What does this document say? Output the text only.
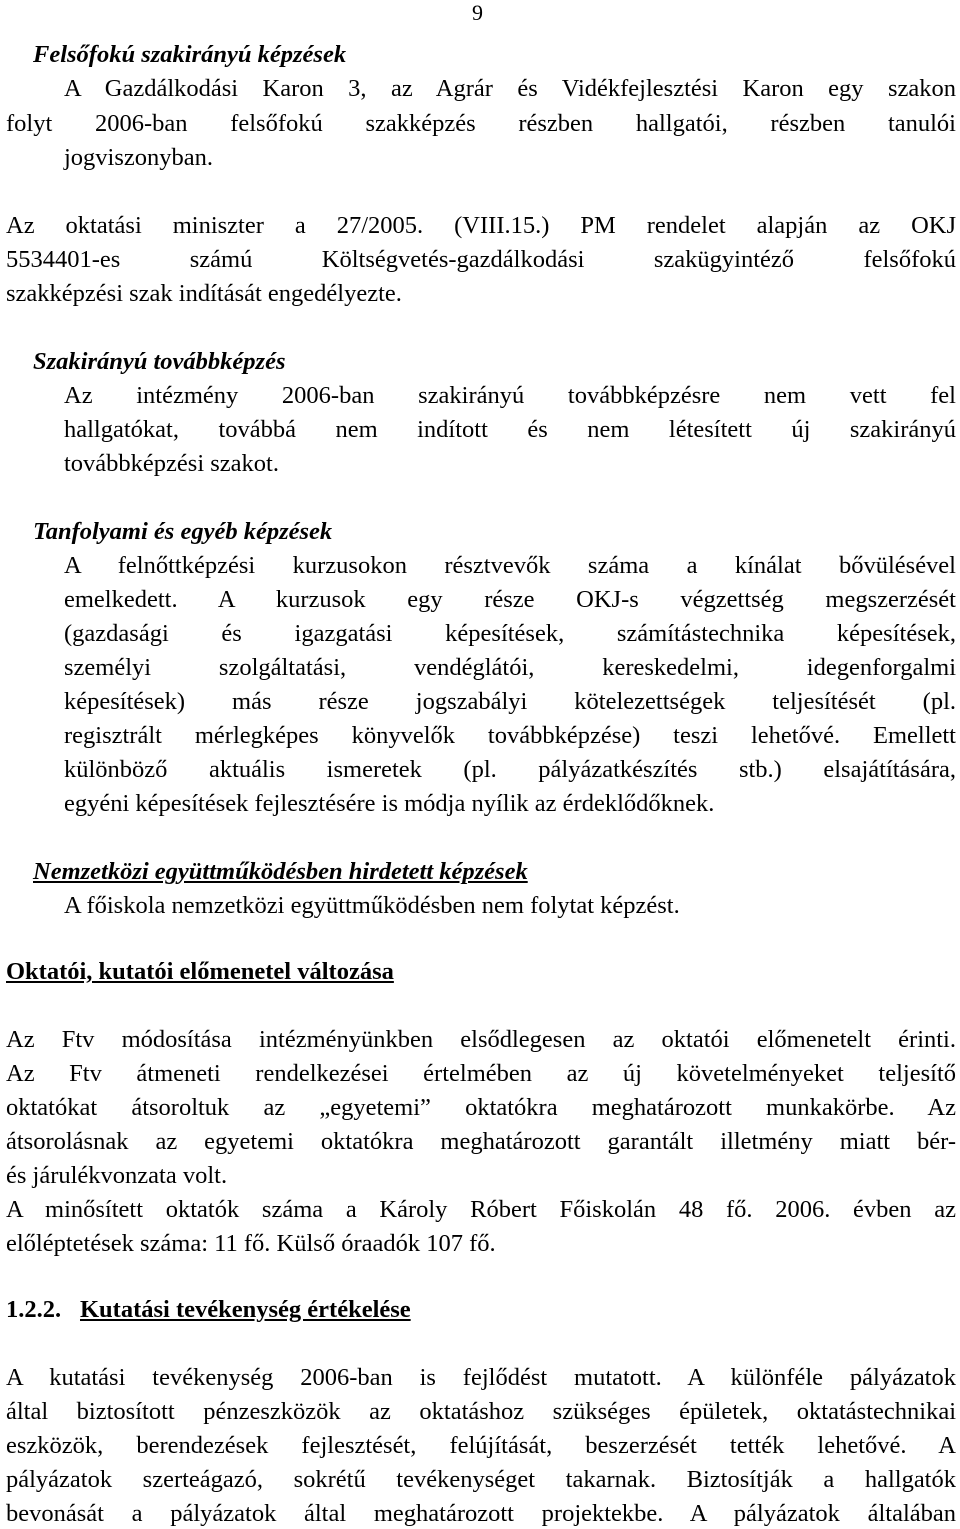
9
Felsőfokú szakirányú képzések
A Gazdálkodási Karon 3, az Agrár és Vidékfejlesztési Karon egy szakon
folyt 2006-ban felsőfokú szakképzés részben hallgatói, részben tanulói
jogviszonyban.
Az oktatási miniszter a 27/2005. (VIII.15.) PM rendelet alapján az OKJ
5534401-es számú Költségvetés-gazdálkodási szakügyintéző felsőfokú
szakképzési szak indítását engedélyezte.
Szakirányú továbbképzés
Az intézmény 2006-ban szakirányú továbbképzésre nem vett fel
hallgatókat, továbbá nem indított és nem létesített új szakirányú
továbbképzési szakot.
Tanfolyami és egyéb képzések
A felnőttképzési kurzusokon résztvevők száma a kínálat bővülésével
emelkedett. A kurzusok egy része OKJ-s végzettség megszerzését
(gazdasági és igazgatási képesítések, számítástechnika képesítések,
személyi szolgáltatási, vendéglátói, kereskedelmi, idegenforgalmi
képesítések) más része jogszabályi kötelezettségek teljesítését (pl.
regisztrált mérlegképes könyvelők továbbképzése) teszi lehetővé. Emellett
különböző aktuális ismeretek (pl. pályázatkészítés stb.) elsajátítására,
egyéni képesítések fejlesztésére is módja nyílik az érdeklődőknek.
Nemzetközi együttműködésben hirdetett képzések
A főiskola nemzetközi együttműködésben nem folytat képzést.
Oktatói, kutatói előmenetel változása
Az Ftv módosítása intézményünkben elsődlegesen az oktatói előmenetelt érinti.
Az Ftv átmeneti rendelkezései értelmében az új követelményeket teljesítő
oktatókat átsoroltuk az „egyetemi” oktatókra meghatározott munkakörbe. Az
átsorolásnak az egyetemi oktatókra meghatározott garantált illetmény miatt bér-
és járulékvonzata volt.
A minősített oktatók száma a Károly Róbert Főiskolán 48 fő. 2006. évben az
előléptetések száma: 11 fő. Külső óraadók 107 fő.
1.2.2. Kutatási tevékenység értékelése
A kutatási tevékenység 2006-ban is fejlődést mutatott. A különféle pályázatok
által biztosított pénzeszközök az oktatáshoz szükséges épületek, oktatástechnikai
eszközök, berendezések fejlesztését, felújítását, beszerzését tették lehetővé. A
pályázatok szerteágazó, sokrétű tevékenységet takarnak. Biztosítják a hallgatók
bevonását a pályázatok által meghatározott projektekbe. A pályázatok általában
